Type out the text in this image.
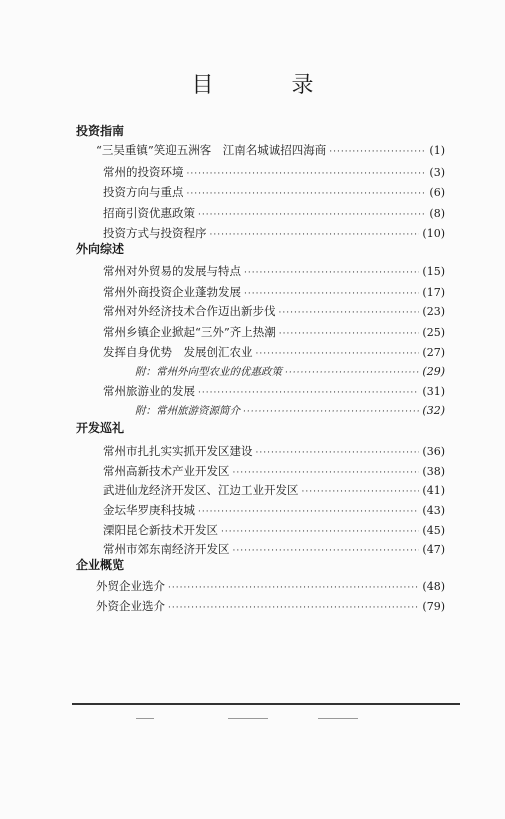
目　录
投资指南
“三吴重镇”笑迎五洲客　江南名城诚招四海商 ·····	(1)
常州的投资环境 ·····	(3)
投资方向与重点 ·····	(6)
招商引资优惠政策 ·····	(8)
投资方式与投资程序 ·····	(10)
外向综述
常州对外贸易的发展与特点 ·····	(15)
常州外商投资企业蓬勃发展 ·····	(17)
常州对外经济技术合作迈出新步伐 ·····	(23)
常州乡镇企业掀起“三外”齐上热潮 ·····	(25)
发挥自身优势　发展创汇农业 ·····	(27)
附：常州外向型农业的优惠政策 ·····	(29)
常州旅游业的发展 ·····	(31)
附：常州旅游资源简介 ·····	(32)
开发巡礼
常州市扎扎实实抓开发区建设 ·····	(36)
常州高新技术产业开发区 ·····	(38)
武进仙龙经济开发区、江边工业开发区 ·····	(41)
金坛华罗庚科技城 ·····	(43)
溧阳昆仑新技术开发区 ·····	(45)
常州市郊东南经济开发区 ·····	(47)
企业概览
外贸企业选介 ·····	(48)
外资企业选介 ·····	(79)
